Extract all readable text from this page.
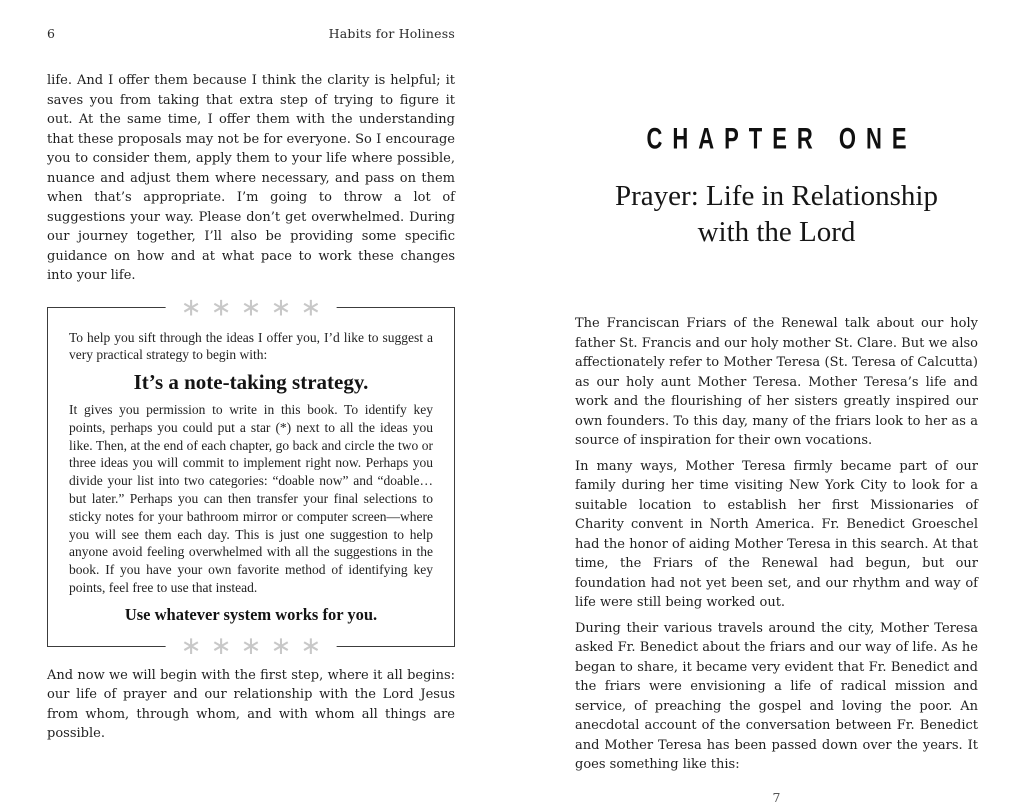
6	Habits for Holiness

life. And I offer them because I think the clarity is helpful; it saves you from taking that extra step of trying to figure it out. At the same time, I offer them with the understanding that these proposals may not be for everyone. So I encourage you to consider them, apply them to your life where possible, nuance and adjust them where necessary, and pass on them when that’s appropriate. I’m going to throw a lot of suggestions your way. Please don’t get overwhelmed. During our journey together, I’ll also be providing some specific guidance on how and at what pace to work these changes into your life.

∗∗∗∗∗
∗∗∗∗∗

To help you sift through the ideas I offer you, I’d like to suggest a very practical strategy to begin with:

It’s a note-taking strategy.

It gives you permission to write in this book. To identify key points, perhaps you could put a star (*) next to all the ideas you like. Then, at the end of each chapter, go back and circle the two or three ideas you will commit to implement right now. Perhaps you divide your list into two categories: “doable now” and “doable…but later.” Perhaps you can then transfer your final selections to sticky notes for your bathroom mirror or computer screen—where you will see them each day. This is just one suggestion to help anyone avoid feeling overwhelmed with all the suggestions in the book. If you have your own favorite method of identifying key points, feel free to use that instead.

Use whatever system works for you.

And now we will begin with the first step, where it all begins: our life of prayer and our relationship with the Lord Jesus from whom, through whom, and with whom all things are possible.

CHAPTER ONE
Prayer: Life in Relationship
with the Lord

The Franciscan Friars of the Renewal talk about our holy father St. Francis and our holy mother St. Clare. But we also affectionately refer to Mother Teresa (St. Teresa of Calcutta) as our holy aunt Mother Teresa. Mother Teresa’s life and work and the flourishing of her sisters greatly inspired our own founders. To this day, many of the friars look to her as a source of inspiration for their own vocations.

In many ways, Mother Teresa firmly became part of our family during her time visiting New York City to look for a suitable location to establish her first Missionaries of Charity convent in North America. Fr. Benedict Groeschel had the honor of aiding Mother Teresa in this search. At that time, the Friars of the Renewal had begun, but our foundation had not yet been set, and our rhythm and way of life were still being worked out.

During their various travels around the city, Mother Teresa asked Fr. Benedict about the friars and our way of life. As he began to share, it became very evident that Fr. Benedict and the friars were envisioning a life of radical mission and service, of preaching the gospel and loving the poor. An anecdotal account of the conversation between Fr. Benedict and Mother Teresa has been passed down over the years. It goes something like this:

7
